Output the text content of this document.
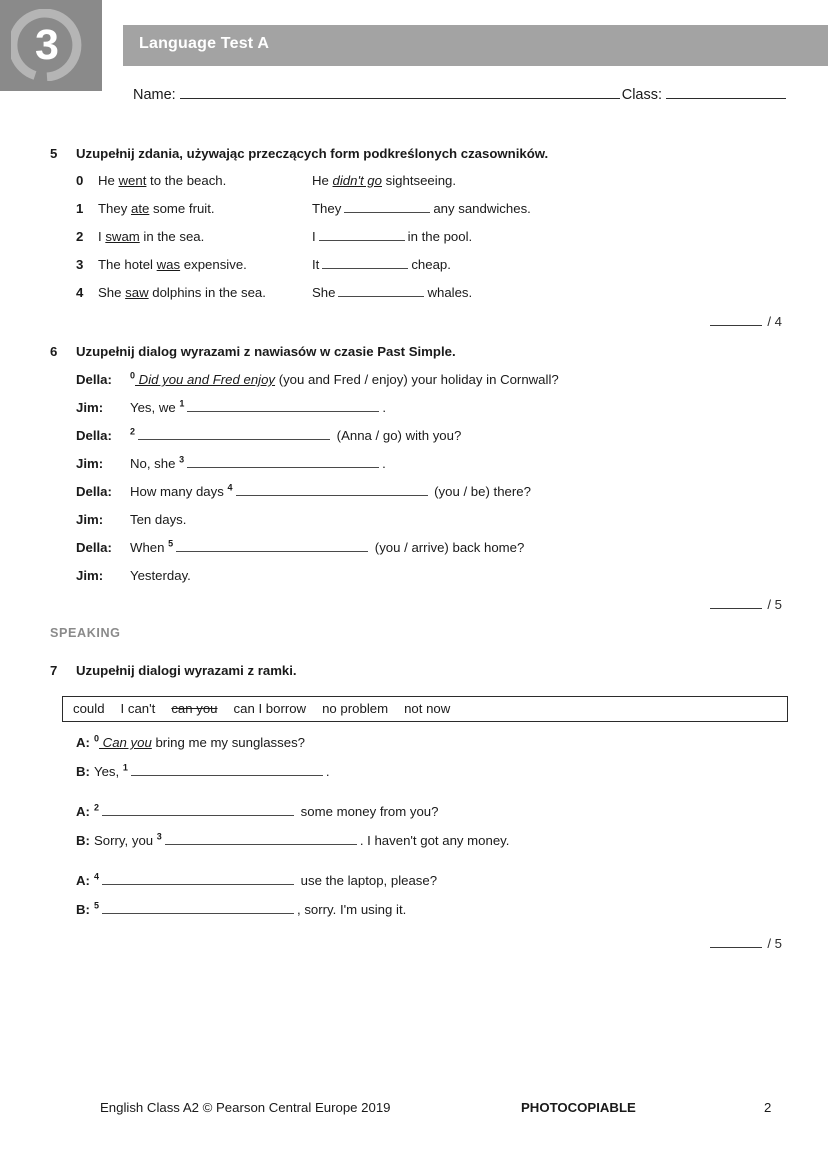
3	Language Test A
Name:	Class:
5 Uzupełnij zdania, używając przeczących form podkreślonych czasowników.
0	He went to the beach.	He didn't go sightseeing.
1	They ate some fruit.	They	any sandwiches.
2	I swam in the sea.	I	in the pool.
3	The hotel was expensive.	It	cheap.
4	She saw dolphins in the sea.	She	whales.
/ 4
6 Uzupełnij dialog wyrazami z nawiasów w czasie Past Simple.
Della: $^0$ Did you and Fred enjoy (you and Fred / enjoy) your holiday in Cornwall?
Jim: Yes, we $^1$	.
Della: $^2$	(Anna / go) with you?
Jim: No, she $^3$	.
Della: How many days $^4$	(you / be) there?
Jim: Ten days.
Della: When $^5$	(you / arrive) back home?
Jim: Yesterday.
/ 5
SPEAKING
7 Uzupełnij dialogi wyrazami z ramki.
could I can't can you can I borrow no problem not now
A: $^0$ Can you bring me my sunglasses?
B: Yes, $^1$	.
A: $^2$	some money from you?
B: Sorry, you $^3$	. I haven't got any money.
A: $^4$	use the laptop, please?
B: $^5$	, sorry. I'm using it.
/ 5
English Class A2 © Pearson Central Europe 2019	PHOTOCOPIABLE	2
